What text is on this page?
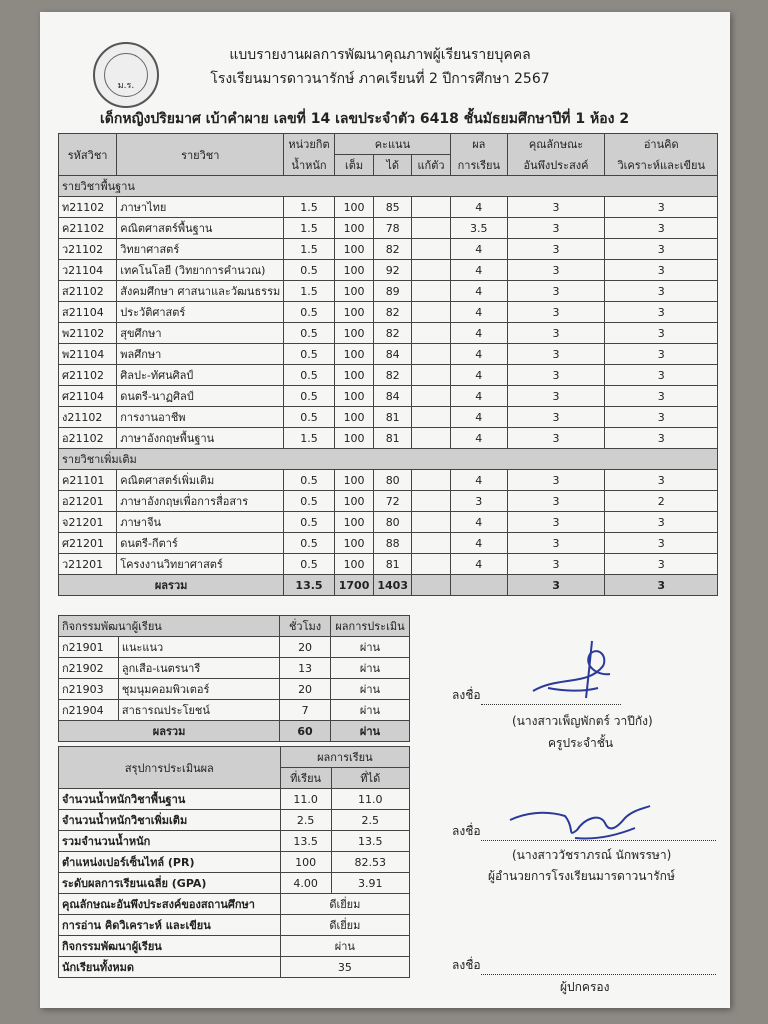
ม.ร.
แบบรายงานผลการพัฒนาคุณภาพผู้เรียนรายบุคคล
โรงเรียนมารดาวนารักษ์ ภาคเรียนที่ 2 ปีการศึกษา 2567
เด็กหญิงปริยมาศ เบ้าคำผาย เลขที่ 14 เลขประจำตัว 6418 ชั้นมัธยมศึกษาปีที่ 1 ห้อง 2
รหัสวิชา	รายวิชา	หน่วยกิต	คะแนน			ผล	คุณลักษณะ	อ่านคิด
		น้ำหนัก	เต็ม	ได้	แก้ตัว	การเรียน	อันพึงประสงค์	วิเคราะห์และเขียน
รายวิชาพื้นฐาน								
ท21102	ภาษาไทย	1.5	100	85		4	3	3
ค21102	คณิตศาสตร์พื้นฐาน	1.5	100	78		3.5	3	3
ว21102	วิทยาศาสตร์	1.5	100	82		4	3	3
ว21104	เทคโนโลยี (วิทยาการคำนวณ)	0.5	100	92		4	3	3
ส21102	สังคมศึกษา ศาสนาและวัฒนธรรม	1.5	100	89		4	3	3
ส21104	ประวัติศาสตร์	0.5	100	82		4	3	3
พ21102	สุขศึกษา	0.5	100	82		4	3	3
พ21104	พลศึกษา	0.5	100	84		4	3	3
ศ21102	ศิลปะ-ทัศนศิลป์	0.5	100	82		4	3	3
ศ21104	ดนตรี-นาฏศิลป์	0.5	100	84		4	3	3
ง21102	การงานอาชีพ	0.5	100	81		4	3	3
อ21102	ภาษาอังกฤษพื้นฐาน	1.5	100	81		4	3	3
รายวิชาเพิ่มเติม								
ค21101	คณิตศาสตร์เพิ่มเติม	0.5	100	80		4	3	3
อ21201	ภาษาอังกฤษเพื่อการสื่อสาร	0.5	100	72		3	3	2
จ21201	ภาษาจีน	0.5	100	80		4	3	3
ศ21201	ดนตรี-กีตาร์	0.5	100	88		4	3	3
ว21201	โครงงานวิทยาศาสตร์	0.5	100	81		4	3	3
ผลรวม		13.5	1700	1403			3	3
กิจกรรมพัฒนาผู้เรียน		ชั่วโมง	ผลการประเมิน
ก21901	แนะแนว	20	ผ่าน
ก21902	ลูกเสือ-เนตรนารี	13	ผ่าน
ก21903	ชุมนุมคอมพิวเตอร์	20	ผ่าน
ก21904	สาธารณประโยชน์	7	ผ่าน
ผลรวม		60	ผ่าน
สรุปการประเมินผล	ผลการเรียน	
	ที่เรียน	ที่ได้
จำนวนน้ำหนักวิชาพื้นฐาน	11.0	11.0
จำนวนน้ำหนักวิชาเพิ่มเติม	2.5	2.5
รวมจำนวนน้ำหนัก	13.5	13.5
ตำแหน่งเปอร์เซ็นไทล์ (PR)	100	82.53
ระดับผลการเรียนเฉลี่ย (GPA)	4.00	3.91
คุณลักษณะอันพึงประสงค์ของสถานศึกษา	ดีเยี่ยม	
การอ่าน คิดวิเคราะห์ และเขียน	ดีเยี่ยม	
กิจกรรมพัฒนาผู้เรียน	ผ่าน	
นักเรียนทั้งหมด	35	
ลงชื่อ
(นางสาวเพ็ญพักตร์ วาปีกัง)
ครูประจำชั้น
ลงชื่อ
(นางสาววัชราภรณ์ นักพรรษา)
ผู้อำนวยการโรงเรียนมารดาวนารักษ์
ลงชื่อ
ผู้ปกครอง
